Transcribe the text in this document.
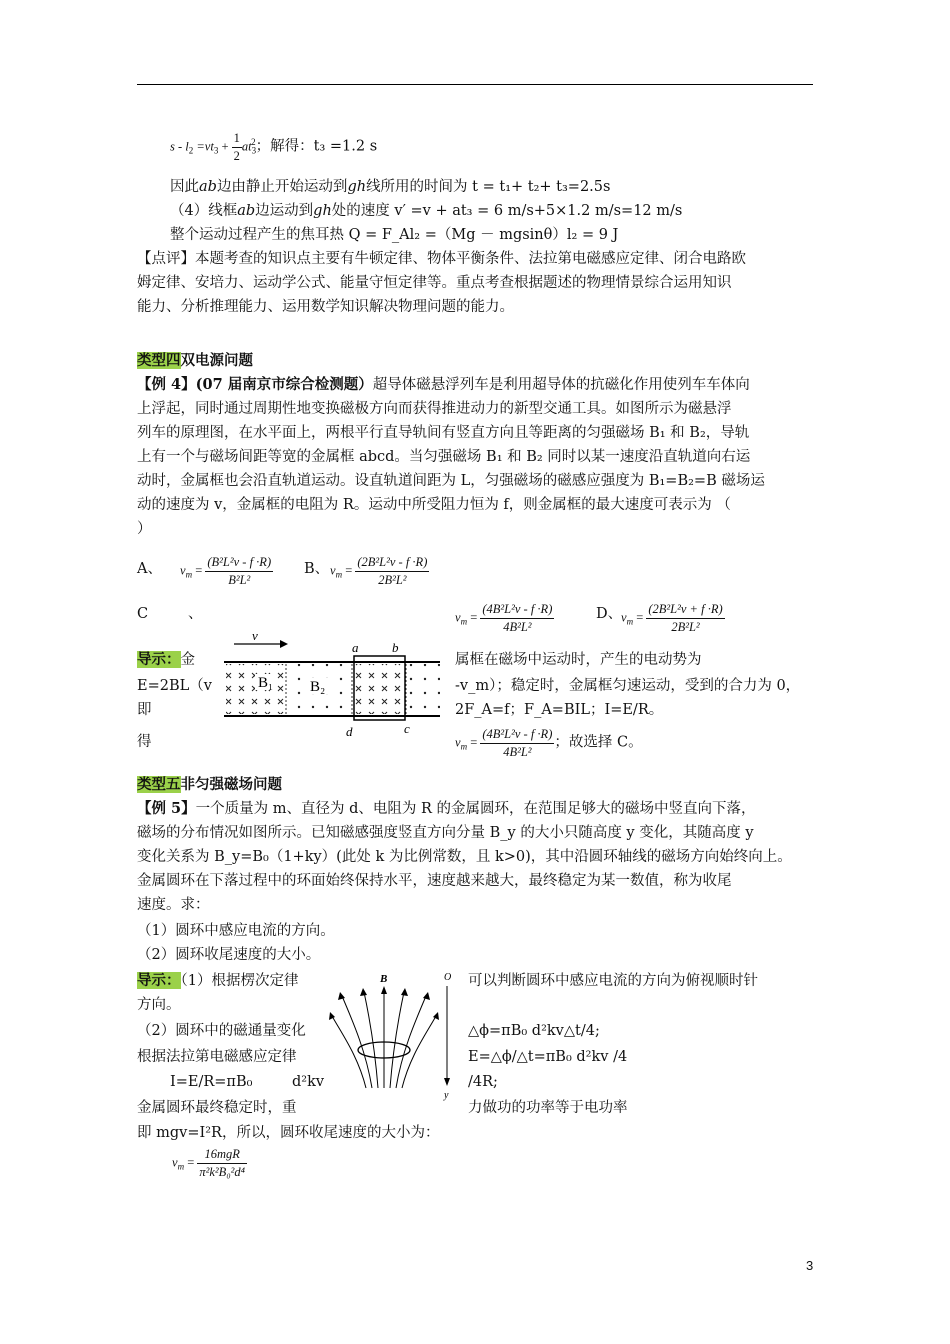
$s - l_2 =vt_3 + \frac{1}{2} at_3^2$；解得：t₃ =1.2 s
因此ab边由静止开始运动到gh线所用的时间为 t = t₁+ t₂+ t₃=2.5s
（4）线框ab边运动到gh处的速度 v′ =v + at₃ = 6 m/s+5×1.2 m/s=12 m/s
整个运动过程产生的焦耳热 Q = F_Al₂ =（Mg － mgsinθ）l₂ = 9 J
【点评】本题考查的知识点主要有牛顿定律、物体平衡条件、法拉第电磁感应定律、闭合电路欧
姆定律、安培力、运动学公式、能量守恒定律等。重点考查根据题述的物理情景综合运用知识
能力、分析推理能力、运用数学知识解决物理问题的能力。
类型四双电源问题
【例 4】(07 届南京市综合检测题）超导体磁悬浮列车是利用超导体的抗磁化作用使列车车体向
上浮起，同时通过周期性地变换磁极方向而获得推进动力的新型交通工具。如图所示为磁悬浮
列车的原理图，在水平面上，两根平行直导轨间有竖直方向且等距离的匀强磁场 B₁ 和 B₂，导轨
上有一个与磁场间距等宽的金属框 abcd。当匀强磁场 B₁ 和 B₂ 同时以某一速度沿直轨道向右运
动时，金属框也会沿直轨道运动。设直轨道间距为 L，匀强磁场的磁感应强度为 B₁=B₂=B 磁场运
动的速度为 v，金属框的电阻为 R。运动中所受阻力恒为 f，则金属框的最大速度可表示为 （
）
A、 $v_m = \frac{\text{(B²L²v - f ·R)}}{\text{B²L²}}$ B、 $v_m = \frac{\text{(2B²L²v - f ·R)}}{\text{2B²L²}}$
C	、	$v_m = \frac{\text{(4B²L²v - f ·R)}}{\text{4B²L²}}$	D、
$v_m = \frac{\text{(2B²L²v + f ·R)}}{\text{2B²L²}}$
导示：金	属框在磁场中运动时，产生的电动势为
E=2BL（v	-v_m）；稳定时，金属框匀速运动，受到的合力为 0，
即	2F_A=f；F_A=BIL；I=E/R。
得	$v_m = \frac{\text{(4B²L²v - f ·R)}}{\text{4B²L²}}$ ；故选择 C。
v
B₁ B₂
a	b
c
d
类型五非匀强磁场问题
【例 5】一个质量为 m、直径为 d、电阻为 R 的金属圆环，在范围足够大的磁场中竖直向下落，
磁场的分布情况如图所示。已知磁感强度竖直方向分量 B_y 的大小只随高度 y 变化，其随高度 y
变化关系为 B_y=B₀（1+ky）(此处 k 为比例常数，且 k>0)，其中沿圆环轴线的磁场方向始终向上。
金属圆环在下落过程中的环面始终保持水平，速度越来越大，最终稳定为某一数值，称为收尾
速度。求：
（1）圆环中感应电流的方向。
（2）圆环收尾速度的大小。
导示：（1）根据楞次定律	可以判断圆环中感应电流的方向为俯视顺时针
方向。
（2）圆环中的磁通量变化	△ϕ=πB₀ d²kv△t/4;
根据法拉第电磁感应定律	E=△ϕ/△t=πB₀ d²kv /4
I=E/R=πB₀	d²kv	/4R;
金属圆环最终稳定时，重	力做功的功率等于电功率
即 mgv=I²R，所以，圆环收尾速度的大小为：
$v_m = \frac{\text{16mgR}}{\text{π²k²B₀²d⁴}}$
B	O
y
3
